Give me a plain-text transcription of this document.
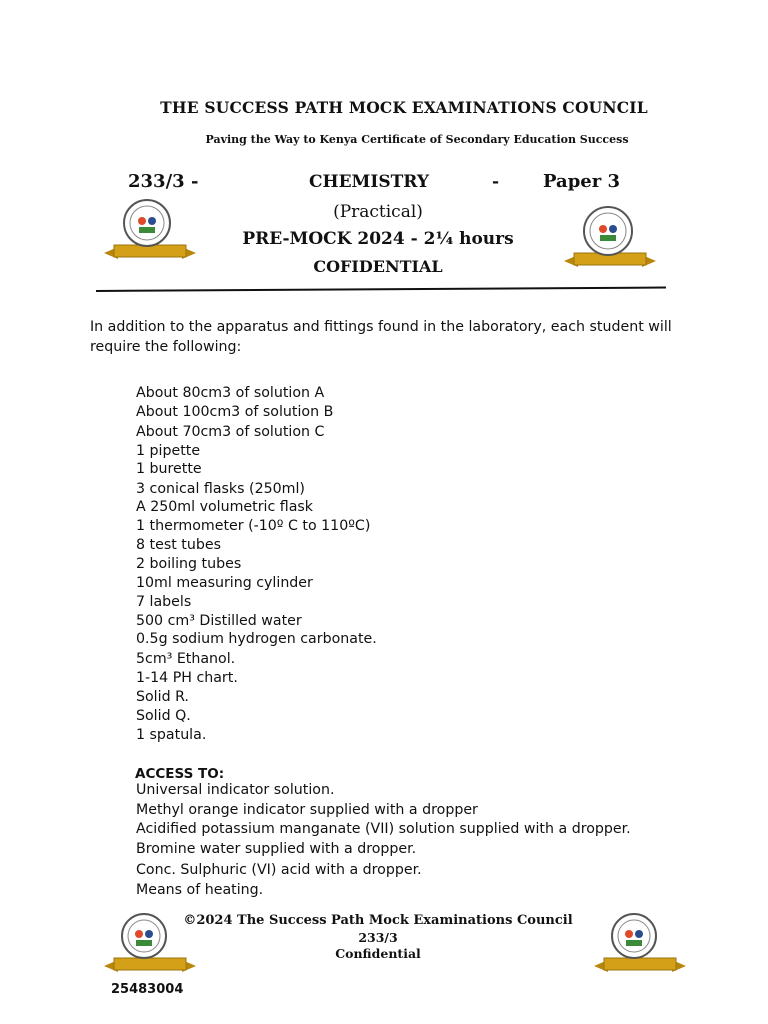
THE SUCCESS PATH MOCK EXAMINATIONS COUNCIL
Paving the Way to Kenya Certificate of Secondary Education Success
233/3 -	CHEMISTRY	- Paper 3
(Practical)
PRE-MOCK 2024 - 2¼ hours
COFIDENTIAL
In addition to the apparatus and fittings found in the laboratory, each student will require the following:
About 80cm3 of solution A
About 100cm3 of solution B
About 70cm3 of solution C
1 pipette
1 burette
3 conical flasks (250ml)
A 250ml volumetric flask
1 thermometer (-10º C to 110ºC)
8 test tubes
2 boiling tubes
10ml measuring cylinder
7 labels
500 cm³ Distilled water
0.5g sodium hydrogen carbonate.
5cm³ Ethanol.
1-14 PH chart.
Solid R.
Solid Q.
1 spatula.
ACCESS TO:
Universal indicator solution.
Methyl orange indicator supplied with a dropper
Acidified potassium manganate (VII) solution supplied with a dropper.
Bromine water supplied with a dropper.
Conc. Sulphuric (VI) acid with a dropper.
Means of heating.
©2024 The Success Path Mock Examinations Council
233/3
Confidential
25483004
